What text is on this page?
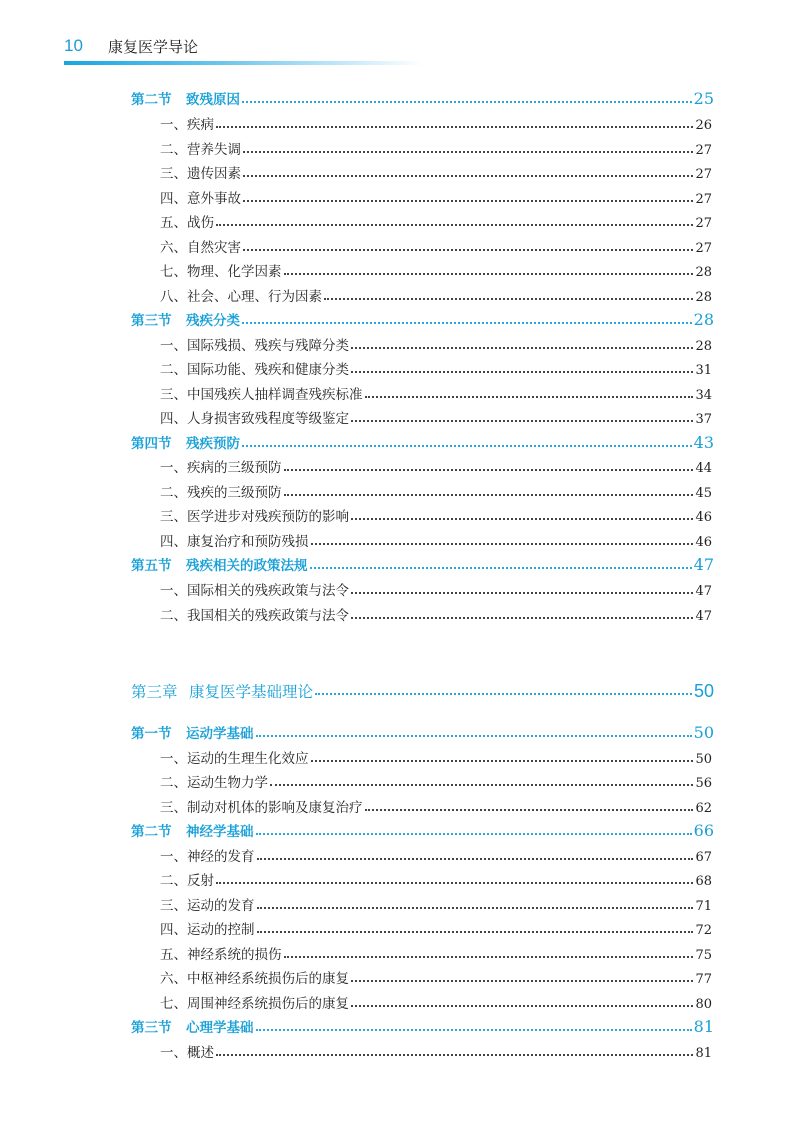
10 康复医学导论
第二节 致残原因	25
一、疾病	26
二、营养失调	27
三、遗传因素	27
四、意外事故	27
五、战伤	27
六、自然灾害	27
七、物理、化学因素	28
八、社会、心理、行为因素	28
第三节 残疾分类	28
一、国际残损、残疾与残障分类	28
二、国际功能、残疾和健康分类	31
三、中国残疾人抽样调查残疾标准	34
四、人身损害致残程度等级鉴定	37
第四节 残疾预防	43
一、疾病的三级预防	44
二、残疾的三级预防	45
三、医学进步对残疾预防的影响	46
四、康复治疗和预防残损	46
第五节 残疾相关的政策法规	47
一、国际相关的残疾政策与法令	47
二、我国相关的残疾政策与法令	47
第三章 康复医学基础理论	50
第一节 运动学基础	50
一、运动的生理生化效应	50
二、运动生物力学	56
三、制动对机体的影响及康复治疗	62
第二节 神经学基础	66
一、神经的发育	67
二、反射	68
三、运动的发育	71
四、运动的控制	72
五、神经系统的损伤	75
六、中枢神经系统损伤后的康复	77
七、周围神经系统损伤后的康复	80
第三节 心理学基础	81
一、概述	81
